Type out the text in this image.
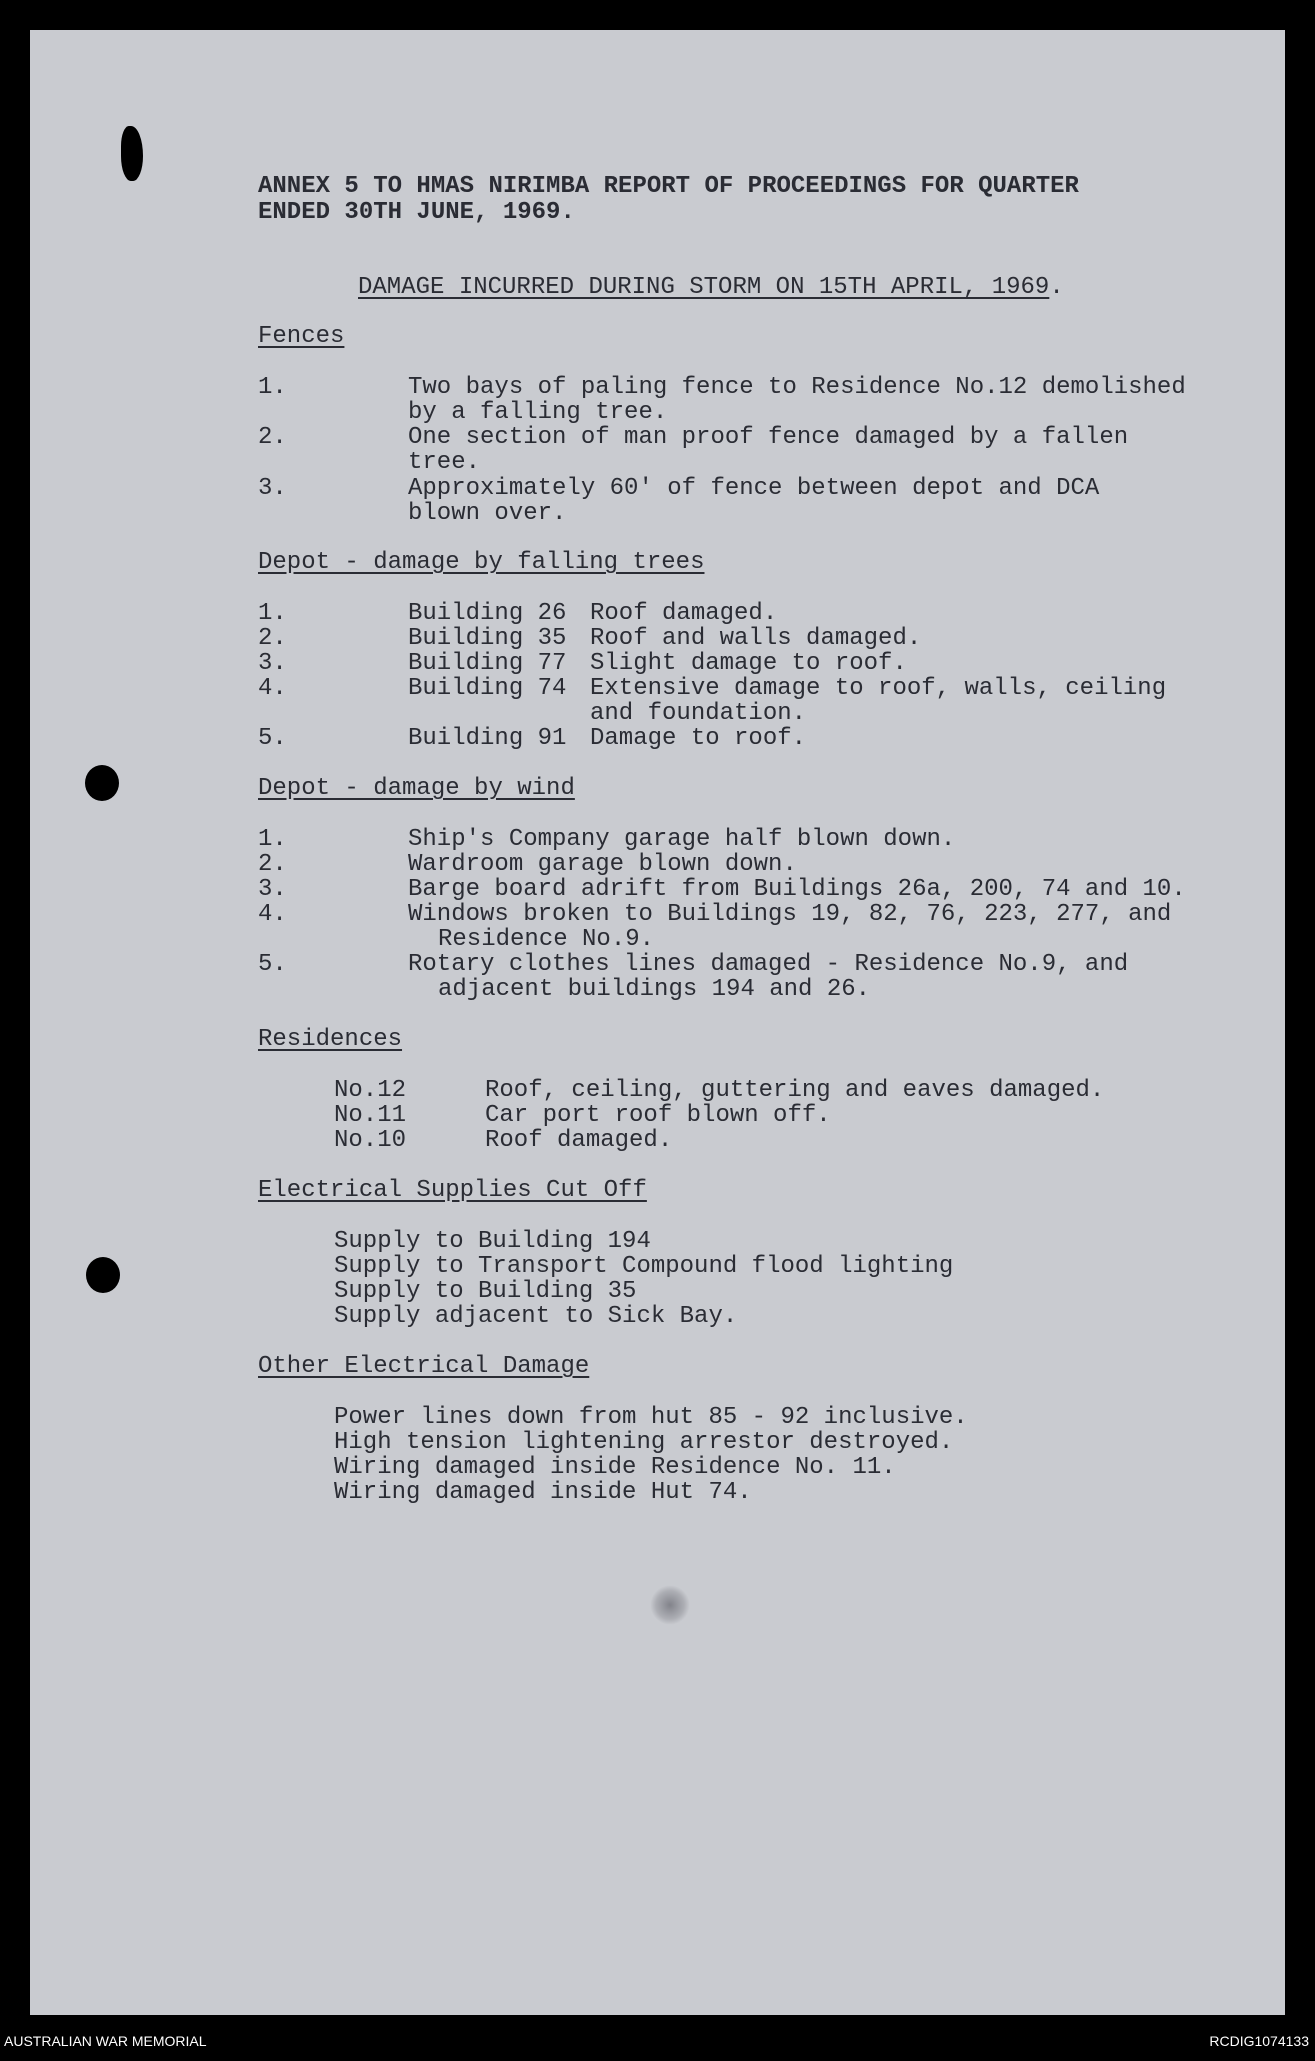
ANNEX 5 TO HMAS NIRIMBA REPORT OF PROCEEDINGS FOR QUARTER
ENDED 30TH JUNE, 1969.
DAMAGE INCURRED DURING STORM ON 15TH APRIL, 1969.
Fences
1.	Two bays of paling fence to Residence No.12 demolished
by a falling tree.
2.	One section of man proof fence damaged by a fallen
tree.
3.	Approximately 60' of fence between depot and DCA
blown over.
Depot - damage by falling trees
1.	Building 26 Roof damaged.
2.	Building 35 Roof and walls damaged.
3.	Building 77 Slight damage to roof.
4.	Building 74 Extensive damage to roof, walls, ceiling
and foundation.
5.	Building 91 Damage to roof.
Depot - damage by wind
1.	Ship's Company garage half blown down.
2.	Wardroom garage blown down.
3.	Barge board adrift from Buildings 26a, 200, 74 and 10.
4.	Windows broken to Buildings 19, 82, 76, 223, 277, and
Residence No.9.
5.	Rotary clothes lines damaged - Residence No.9, and
adjacent buildings 194 and 26.
Residences
No.12	Roof, ceiling, guttering and eaves damaged.
No.11	Car port roof blown off.
No.10	Roof damaged.
Electrical Supplies Cut Off
Supply to Building 194
Supply to Transport Compound flood lighting
Supply to Building 35
Supply adjacent to Sick Bay.
Other Electrical Damage
Power lines down from hut 85 - 92 inclusive.
High tension lightening arrestor destroyed.
Wiring damaged inside Residence No. 11.
Wiring damaged inside Hut 74.
AUSTRALIAN WAR MEMORIAL	RCDIG1074133
